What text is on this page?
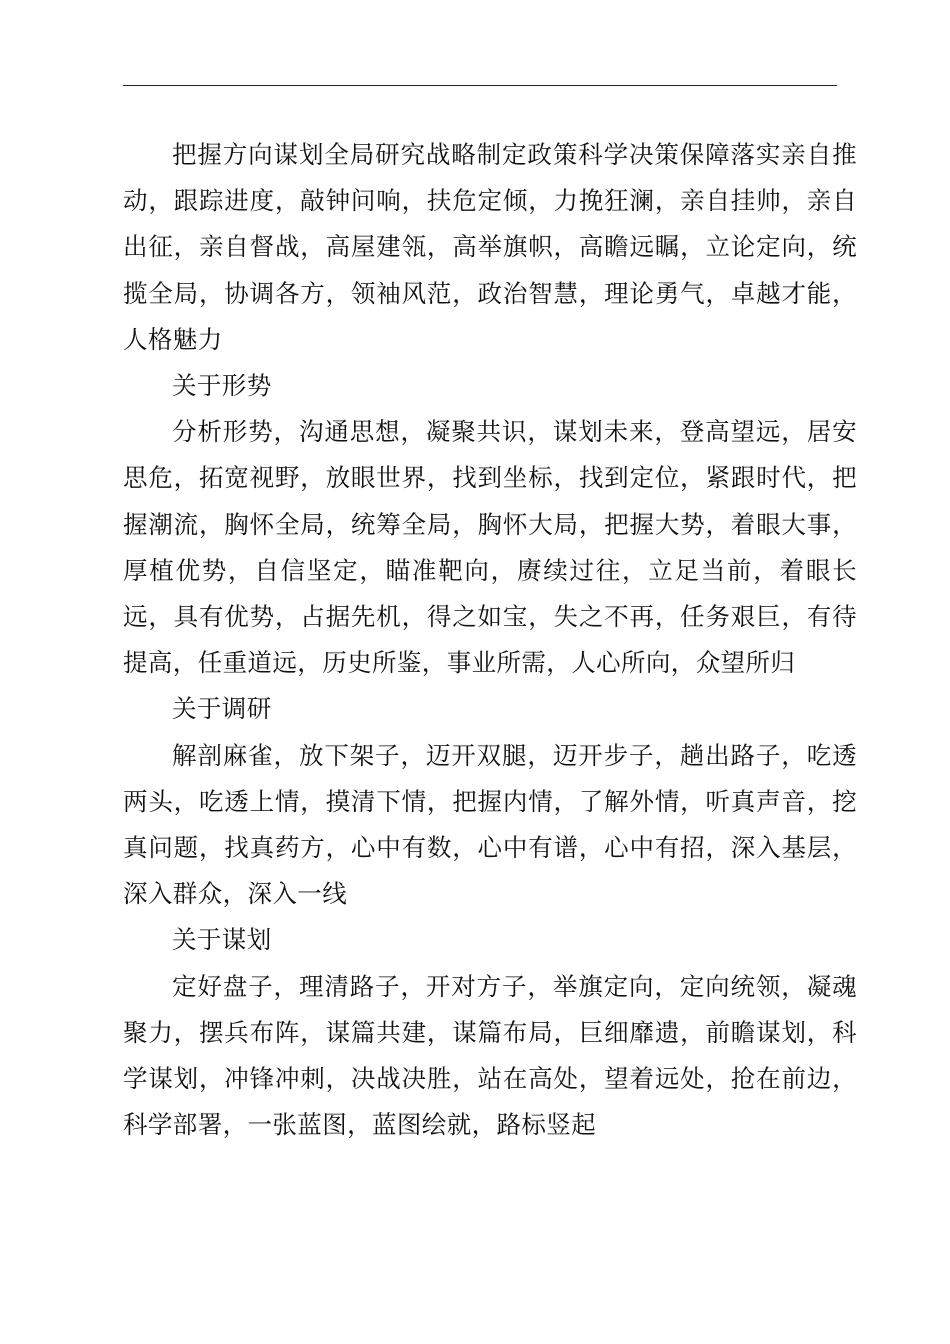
把握方向谋划全局研究战略制定政策科学决策保障落实亲自推动，跟踪进度，敲钟问响，扶危定倾，力挽狂澜，亲自挂帅，亲自出征，亲自督战，高屋建瓴，高举旗帜，高瞻远瞩，立论定向，统揽全局，协调各方，领袖风范，政治智慧，理论勇气，卓越才能，人格魅力

关于形势

分析形势，沟通思想，凝聚共识，谋划未来，登高望远，居安思危，拓宽视野，放眼世界，找到坐标，找到定位，紧跟时代，把握潮流，胸怀全局，统筹全局，胸怀大局，把握大势，着眼大事，厚植优势，自信坚定，瞄准靶向，赓续过往，立足当前，着眼长远，具有优势，占据先机，得之如宝，失之不再，任务艰巨，有待提高，任重道远，历史所鉴，事业所需，人心所向，众望所归

关于调研

解剖麻雀，放下架子，迈开双腿，迈开步子，趟出路子，吃透两头，吃透上情，摸清下情，把握内情，了解外情，听真声音，挖真问题，找真药方，心中有数，心中有谱，心中有招，深入基层，深入群众，深入一线

关于谋划

定好盘子，理清路子，开对方子，举旗定向，定向统领，凝魂聚力，摆兵布阵，谋篇共建，谋篇布局，巨细靡遗，前瞻谋划，科学谋划，冲锋冲刺，决战决胜，站在高处，望着远处，抢在前边，科学部署，一张蓝图，蓝图绘就，路标竖起
